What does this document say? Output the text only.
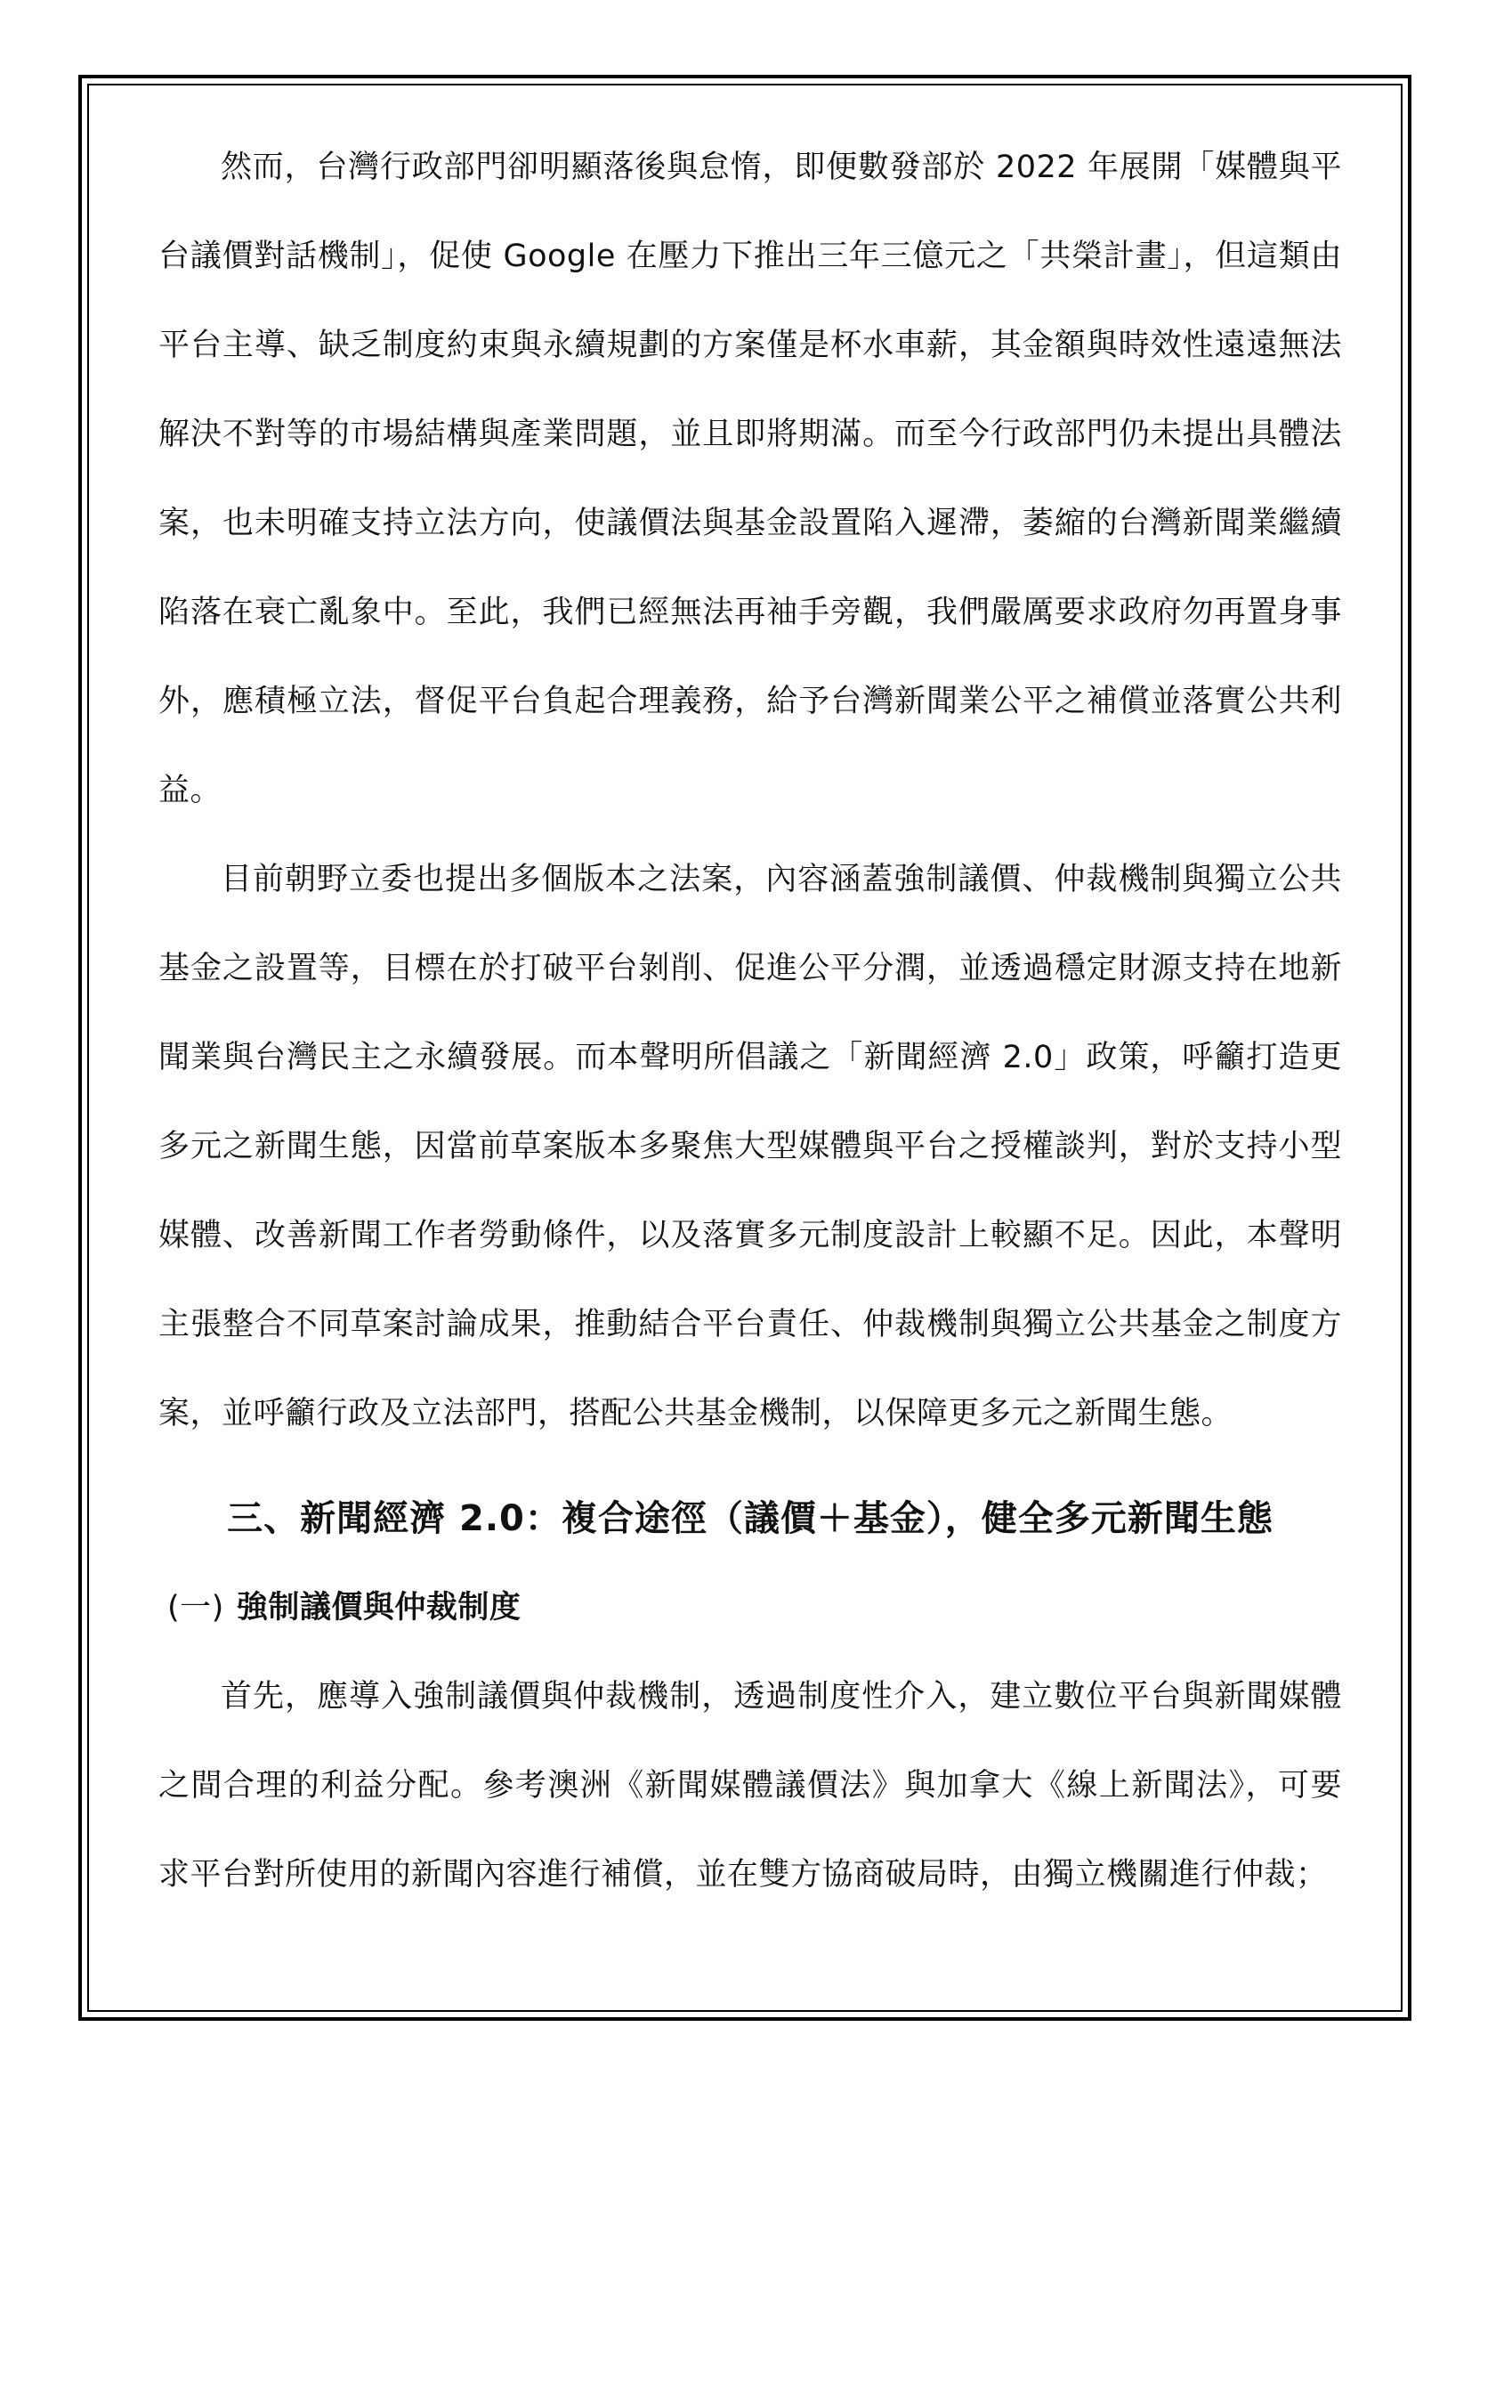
然而，台灣行政部門卻明顯落後與怠惰，即便數發部於 2022 年展開「媒體與平台議價對話機制」，促使 Google 在壓力下推出三年三億元之「共榮計畫」，但這類由平台主導、缺乏制度約束與永續規劃的方案僅是杯水車薪，其金額與時效性遠遠無法解決不對等的市場結構與產業問題，並且即將期滿。而至今行政部門仍未提出具體法案，也未明確支持立法方向，使議價法與基金設置陷入遲滯，萎縮的台灣新聞業繼續陷落在衰亡亂象中。至此，我們已經無法再袖手旁觀，我們嚴厲要求政府勿再置身事外，應積極立法，督促平台負起合理義務，給予台灣新聞業公平之補償並落實公共利益。

目前朝野立委也提出多個版本之法案，內容涵蓋強制議價、仲裁機制與獨立公共基金之設置等，目標在於打破平台剝削、促進公平分潤，並透過穩定財源支持在地新聞業與台灣民主之永續發展。而本聲明所倡議之「新聞經濟 2.0」政策，呼籲打造更多元之新聞生態，因當前草案版本多聚焦大型媒體與平台之授權談判，對於支持小型媒體、改善新聞工作者勞動條件，以及落實多元制度設計上較顯不足。因此，本聲明主張整合不同草案討論成果，推動結合平台責任、仲裁機制與獨立公共基金之制度方案，並呼籲行政及立法部門，搭配公共基金機制，以保障更多元之新聞生態。

三、新聞經濟 2.0：複合途徑（議價＋基金），健全多元新聞生態
(一) 強制議價與仲裁制度

首先，應導入強制議價與仲裁機制，透過制度性介入，建立數位平台與新聞媒體之間合理的利益分配。參考澳洲《新聞媒體議價法》與加拿大《線上新聞法》，可要求平台對所使用的新聞內容進行補償，並在雙方協商破局時，由獨立機關進行仲裁；
